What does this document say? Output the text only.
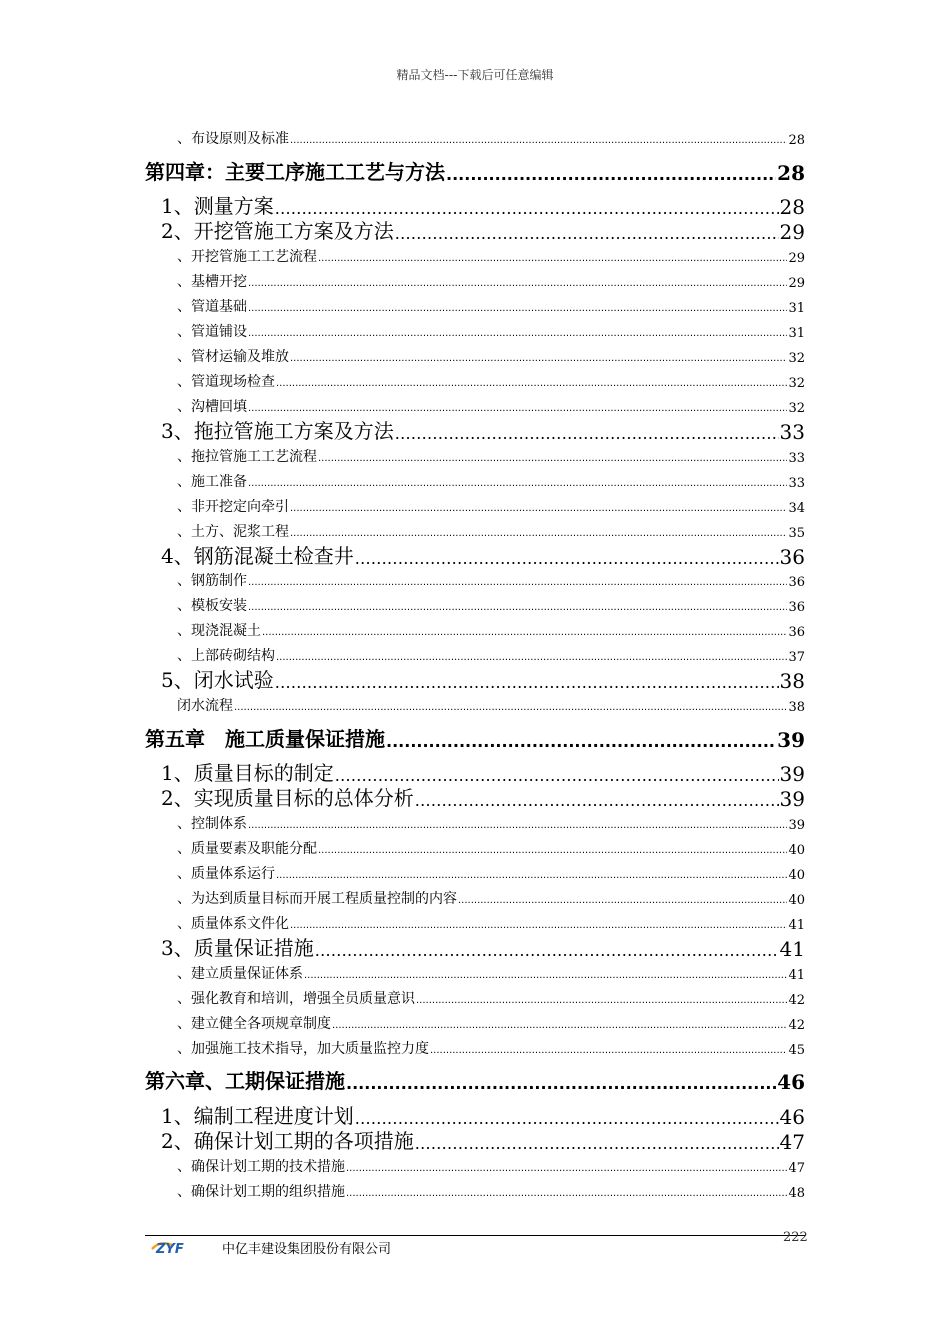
精品文档---下载后可任意编辑
、布设原则及标准 .....	28
第四章：主要工序施工工艺与方法 .....	28
1、测量方案 .....	28
2、开挖管施工方案及方法 .....	29
、开挖管施工工艺流程 .....	29
、基槽开挖 .....	29
、管道基础 .....	31
、管道铺设 .....	31
、管材运输及堆放 .....	32
、管道现场检查 .....	32
、沟槽回填 .....	32
3、拖拉管施工方案及方法 .....	33
、拖拉管施工工艺流程 .....	33
、施工准备 .....	33
、非开挖定向牵引 .....	34
、土方、泥浆工程 .....	35
4、钢筋混凝土检查井 .....	36
、钢筋制作 .....	36
、模板安装 .....	36
、现浇混凝土 .....	36
、上部砖砌结构 .....	37
5、闭水试验 .....	38
闭水流程 .....	38
第五章　施工质量保证措施 .....	39
1、质量目标的制定 .....	39
2、实现质量目标的总体分析 .....	39
、控制体系 .....	39
、质量要素及职能分配 .....	40
、质量体系运行 .....	40
、为达到质量目标而开展工程质量控制的内容 .....	40
、质量体系文件化 .....	41
3、质量保证措施 .....	41
、建立质量保证体系 .....	41
、强化教育和培训，增强全员质量意识 .....	42
、建立健全各项规章制度 .....	42
、加强施工技术指导，加大质量监控力度 .....	45
第六章、工期保证措施 .....	46
1、编制工程进度计划 .....	46
2、确保计划工期的各项措施 .....	47
、确保计划工期的技术措施 .....	47
、确保计划工期的组织措施 .....	48
ZYF	中亿丰建设集团股份有限公司
222
